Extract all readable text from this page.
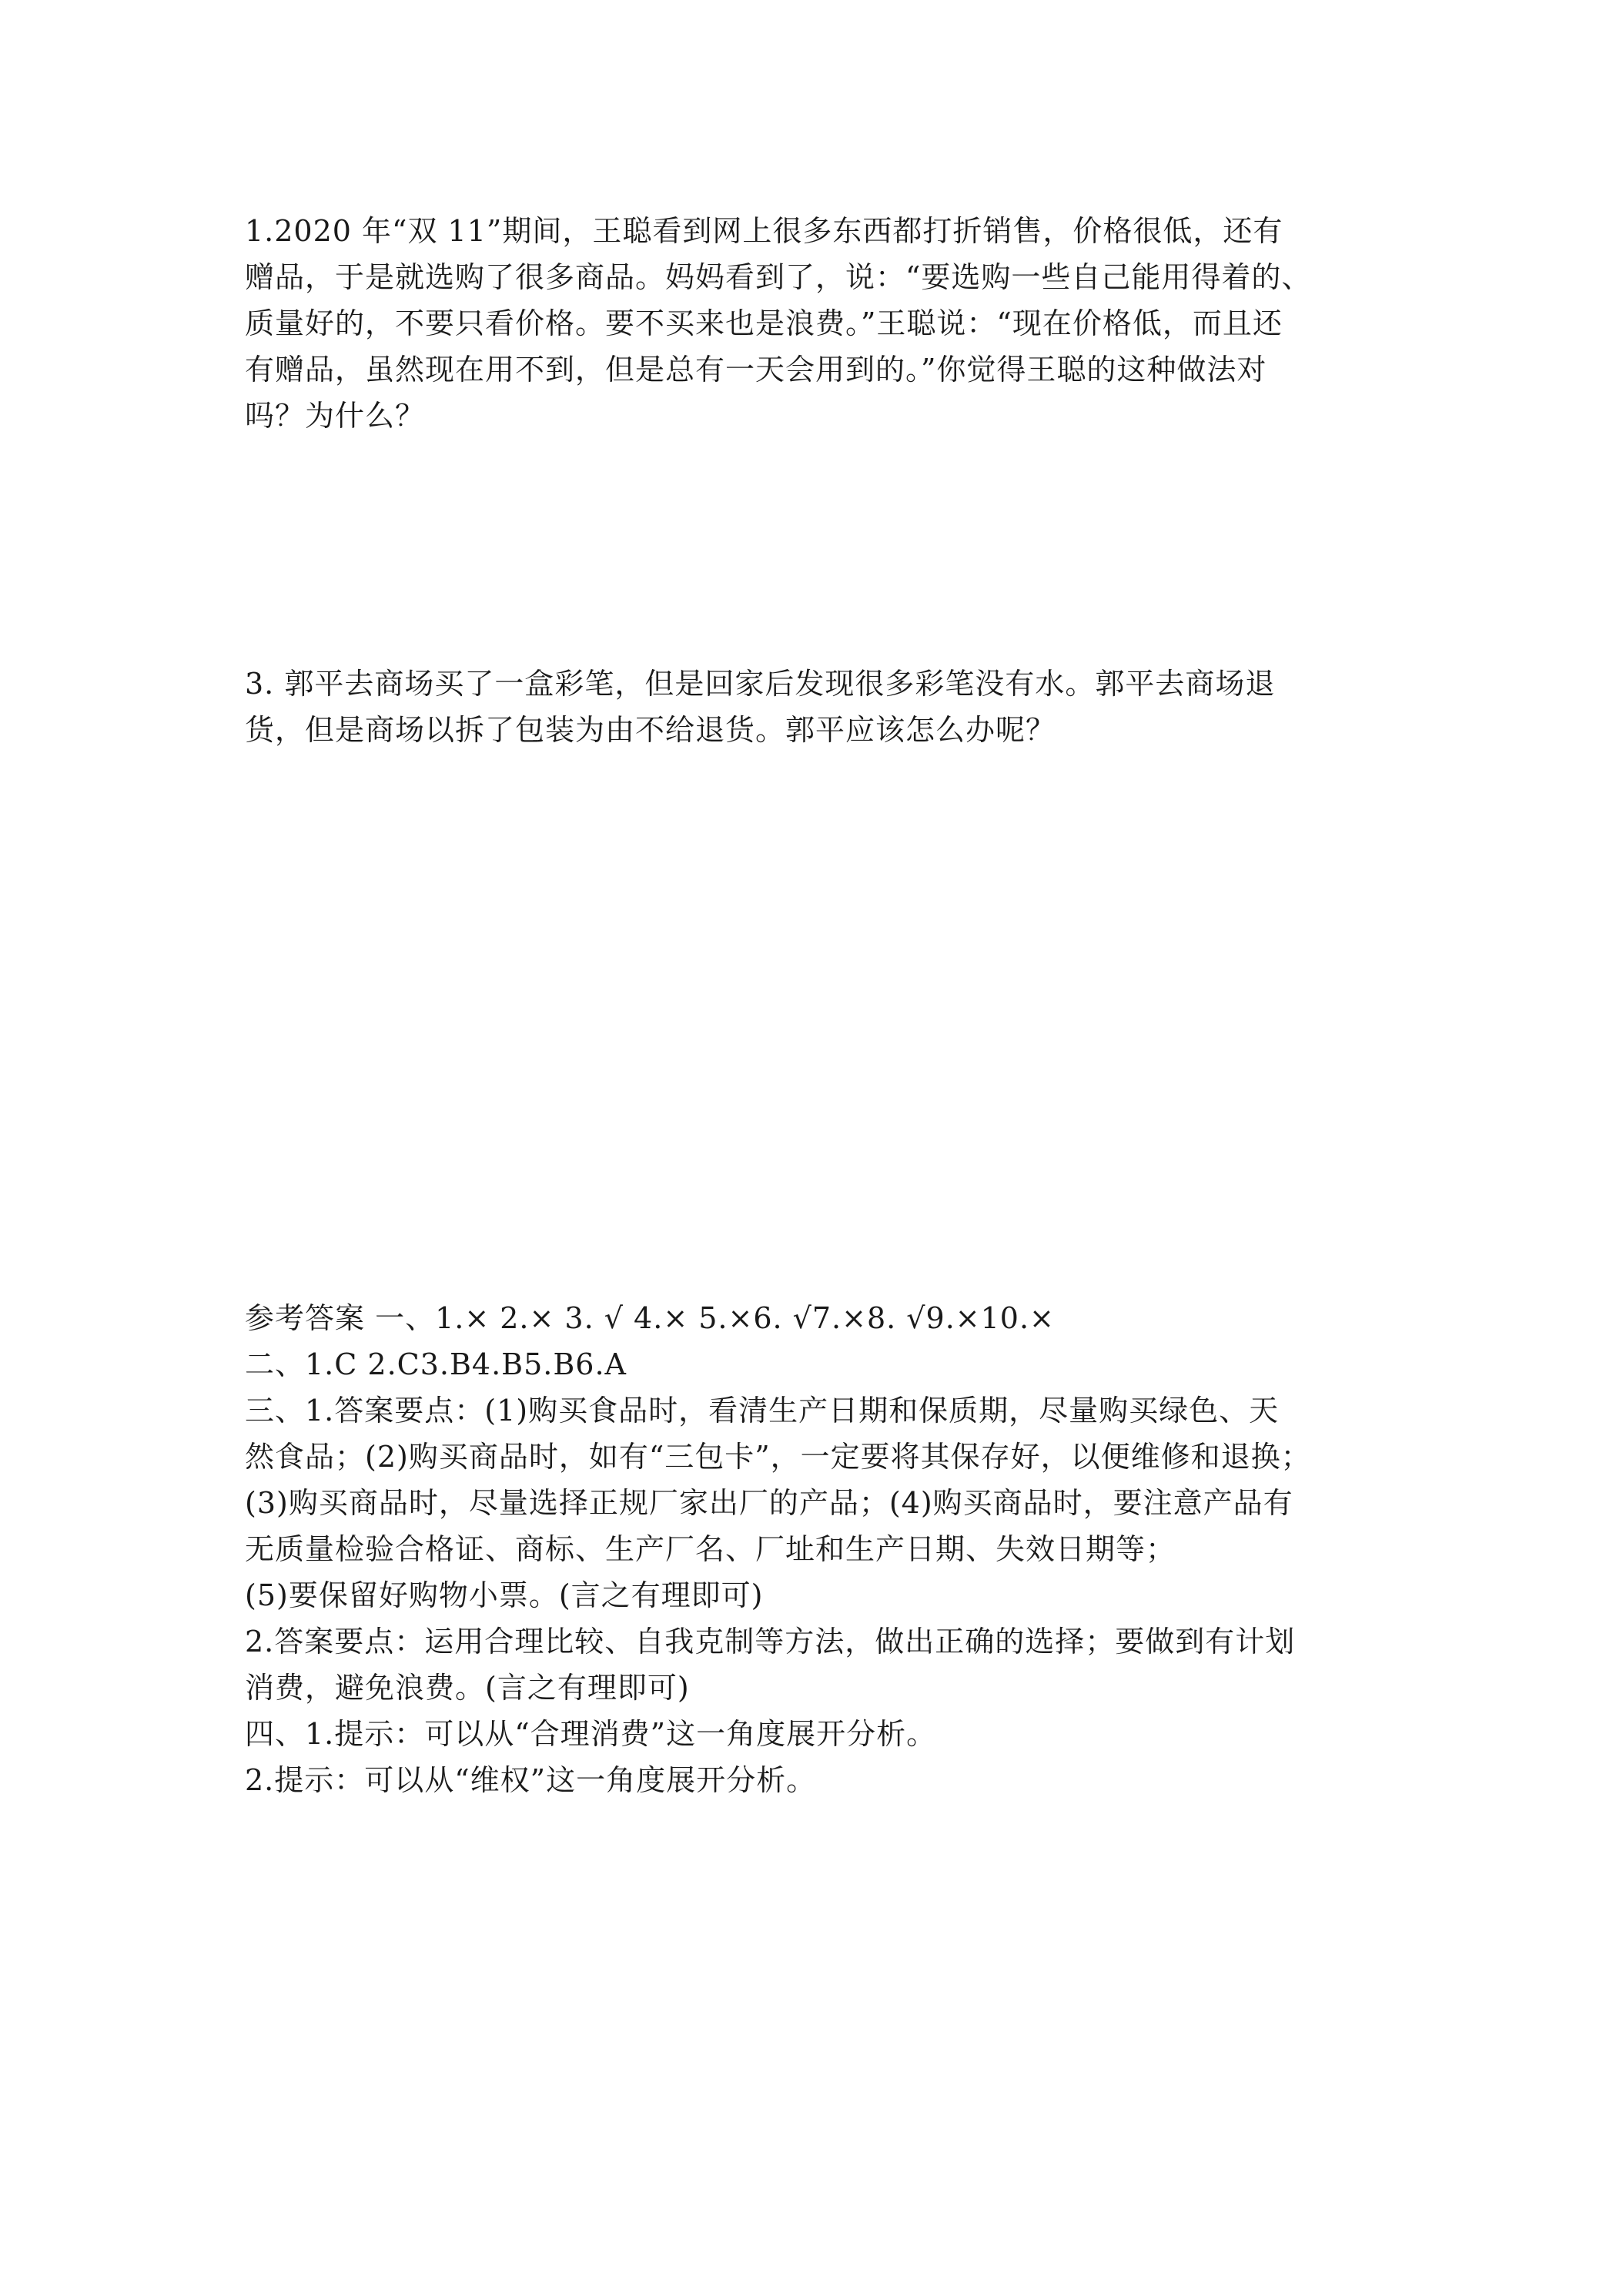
1.2020 年“双 11”期间，王聪看到网上很多东西都打折销售，价格很低，还有
赠品，于是就选购了很多商品。妈妈看到了，说：“要选购一些自己能用得着的、
质量好的，不要只看价格。要不买来也是浪费。”王聪说：“现在价格低，而且还
有赠品，虽然现在用不到，但是总有一天会用到的。”你觉得王聪的这种做法对
吗？为什么？
3. 郭平去商场买了一盒彩笔，但是回家后发现很多彩笔没有水。郭平去商场退
货，但是商场以拆了包装为由不给退货。郭平应该怎么办呢？
参考答案 一、1.× 2.× 3. √ 4.× 5.×6. √7.×8. √9.×10.×
二、1.C 2.C3.B4.B5.B6.A
三、1.答案要点：(1)购买食品时，看清生产日期和保质期，尽量购买绿色、天
然食品；(2)购买商品时，如有“三包卡”，一定要将其保存好，以便维修和退换；
(3)购买商品时，尽量选择正规厂家出厂的产品；(4)购买商品时，要注意产品有
无质量检验合格证、商标、生产厂名、厂址和生产日期、失效日期等；
(5)要保留好购物小票。(言之有理即可)
2.答案要点：运用合理比较、自我克制等方法，做出正确的选择；要做到有计划
消费，避免浪费。(言之有理即可)
四、1.提示：可以从“合理消费”这一角度展开分析。
2.提示：可以从“维权”这一角度展开分析。
